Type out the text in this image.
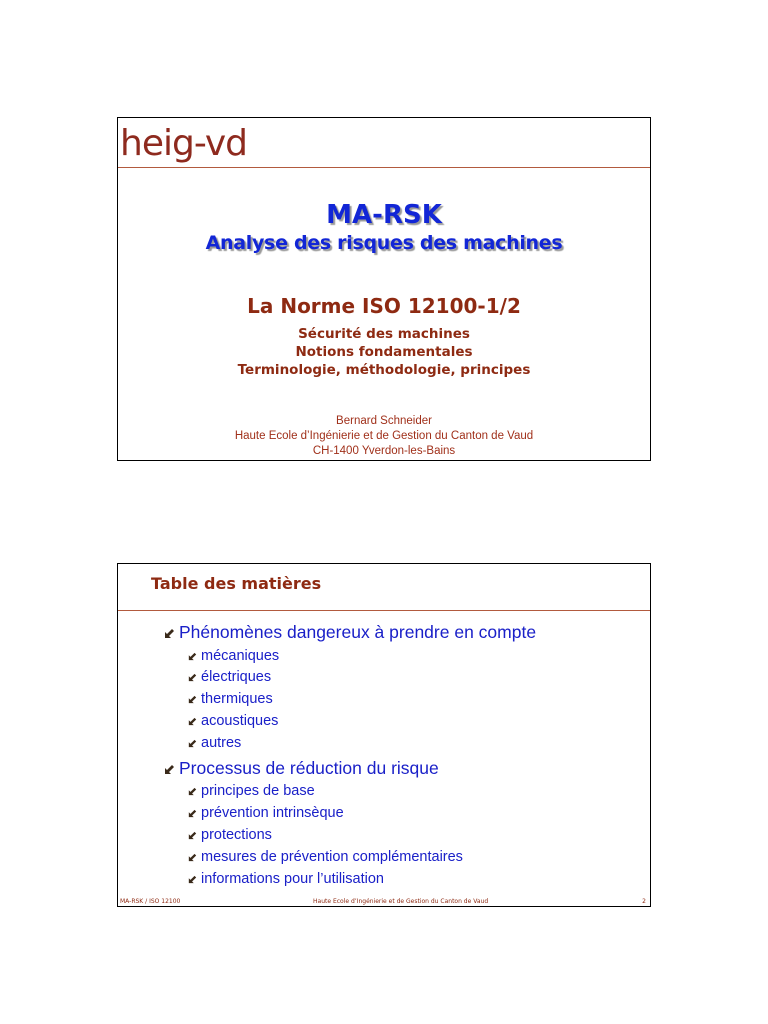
heig-vd
MA-RSK
Analyse des risques des machines
La Norme ISO 12100-1/2
Sécurité des machines
Notions fondamentales
Terminologie, méthodologie, principes
Bernard Schneider
Haute Ecole d’Ingénierie et de Gestion du Canton de Vaud
CH-1400 Yverdon-les-Bains
Table des matières
Phénomènes dangereux à prendre en compte
mécaniques
électriques
thermiques
acoustiques
autres
Processus de réduction du risque
principes de base
prévention intrinsèque
protections
mesures de prévention complémentaires
informations pour l’utilisation
MA-RSK / ISO 12100	Haute Ecole d’Ingénierie et de Gestion du Canton de Vaud	2
